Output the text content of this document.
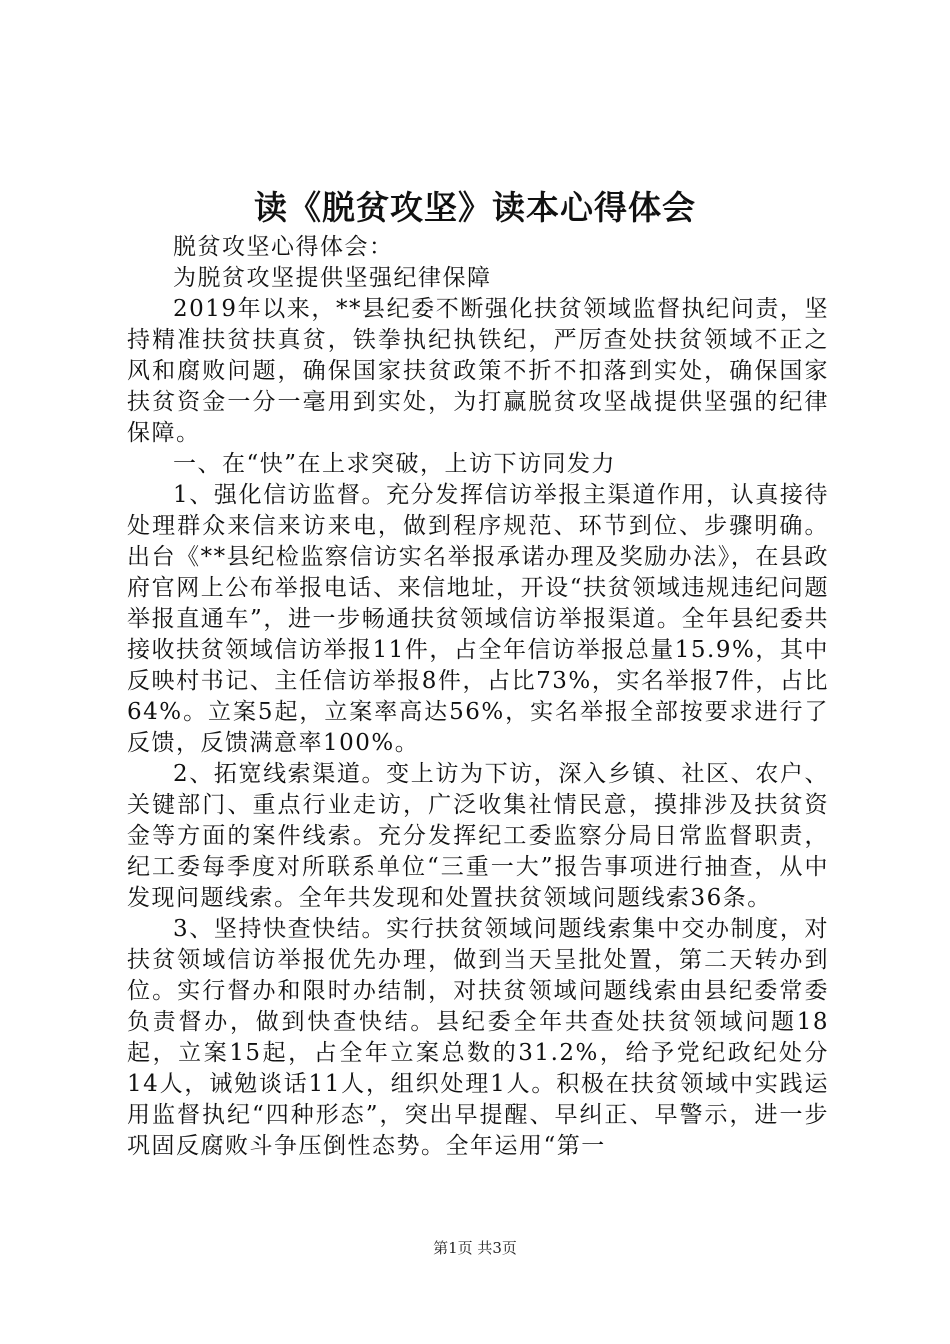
读《脱贫攻坚》读本心得体会

脱贫攻坚心得体会：

为脱贫攻坚提供坚强纪律保障

2019年以来，**县纪委不断强化扶贫领域监督执纪问责，坚持精准扶贫扶真贫，铁拳执纪执铁纪，严厉查处扶贫领域不正之风和腐败问题，确保国家扶贫政策不折不扣落到实处，确保国家扶贫资金一分一毫用到实处，为打赢脱贫攻坚战提供坚强的纪律保障。

一、在“快”在上求突破，上访下访同发力

1、强化信访监督。充分发挥信访举报主渠道作用，认真接待处理群众来信来访来电，做到程序规范、环节到位、步骤明确。出台《**县纪检监察信访实名举报承诺办理及奖励办法》，在县政府官网上公布举报电话、来信地址，开设“扶贫领域违规违纪问题举报直通车”，进一步畅通扶贫领域信访举报渠道。全年县纪委共接收扶贫领域信访举报11件，占全年信访举报总量15.9%，其中反映村书记、主任信访举报8件，占比73%，实名举报7件，占比64%。立案5起，立案率高达56%，实名举报全部按要求进行了反馈，反馈满意率100%。

2、拓宽线索渠道。变上访为下访，深入乡镇、社区、农户、关键部门、重点行业走访，广泛收集社情民意，摸排涉及扶贫资金等方面的案件线索。充分发挥纪工委监察分局日常监督职责，纪工委每季度对所联系单位“三重一大”报告事项进行抽查，从中发现问题线索。全年共发现和处置扶贫领域问题线索36条。

3、坚持快查快结。实行扶贫领域问题线索集中交办制度，对扶贫领域信访举报优先办理，做到当天呈批处置，第二天转办到位。实行督办和限时办结制，对扶贫领域问题线索由县纪委常委负责督办，做到快查快结。县纪委全年共查处扶贫领域问题18起，立案15起，占全年立案总数的31.2%，给予党纪政纪处分14人，诫勉谈话11人，组织处理1人。积极在扶贫领域中实践运用监督执纪“四种形态”，突出早提醒、早纠正、早警示，进一步巩固反腐败斗争压倒性态势。全年运用“第一

第1页 共3页
